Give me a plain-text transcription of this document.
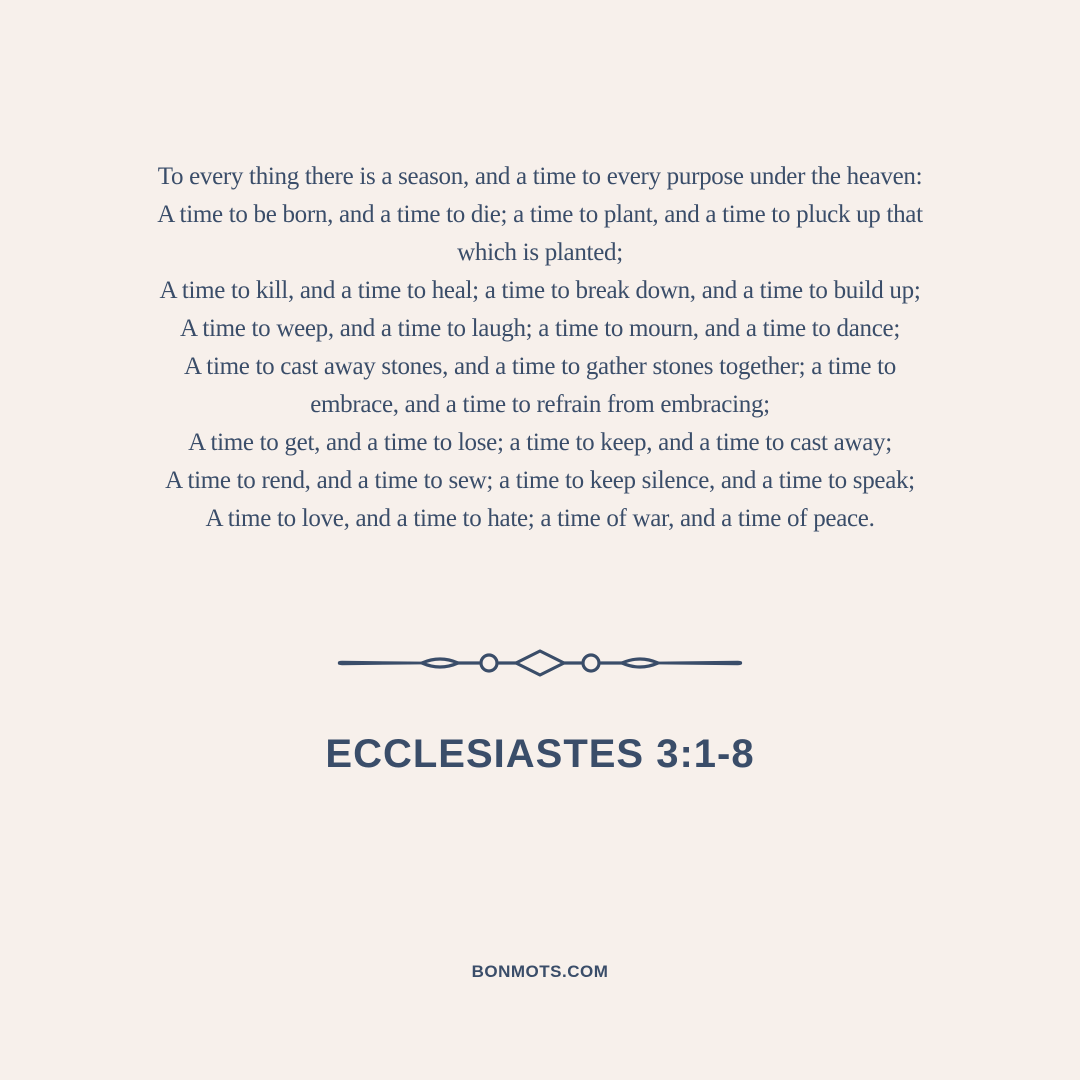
To every thing there is a season, and a time to every purpose under the heaven:
A time to be born, and a time to die; a time to plant, and a time to pluck up that
which is planted;
A time to kill, and a time to heal; a time to break down, and a time to build up;
A time to weep, and a time to laugh; a time to mourn, and a time to dance;
A time to cast away stones, and a time to gather stones together; a time to
embrace, and a time to refrain from embracing;
A time to get, and a time to lose; a time to keep, and a time to cast away;
A time to rend, and a time to sew; a time to keep silence, and a time to speak;
A time to love, and a time to hate; a time of war, and a time of peace.
ECCLESIASTES 3:1-8
BONMOTS.COM
